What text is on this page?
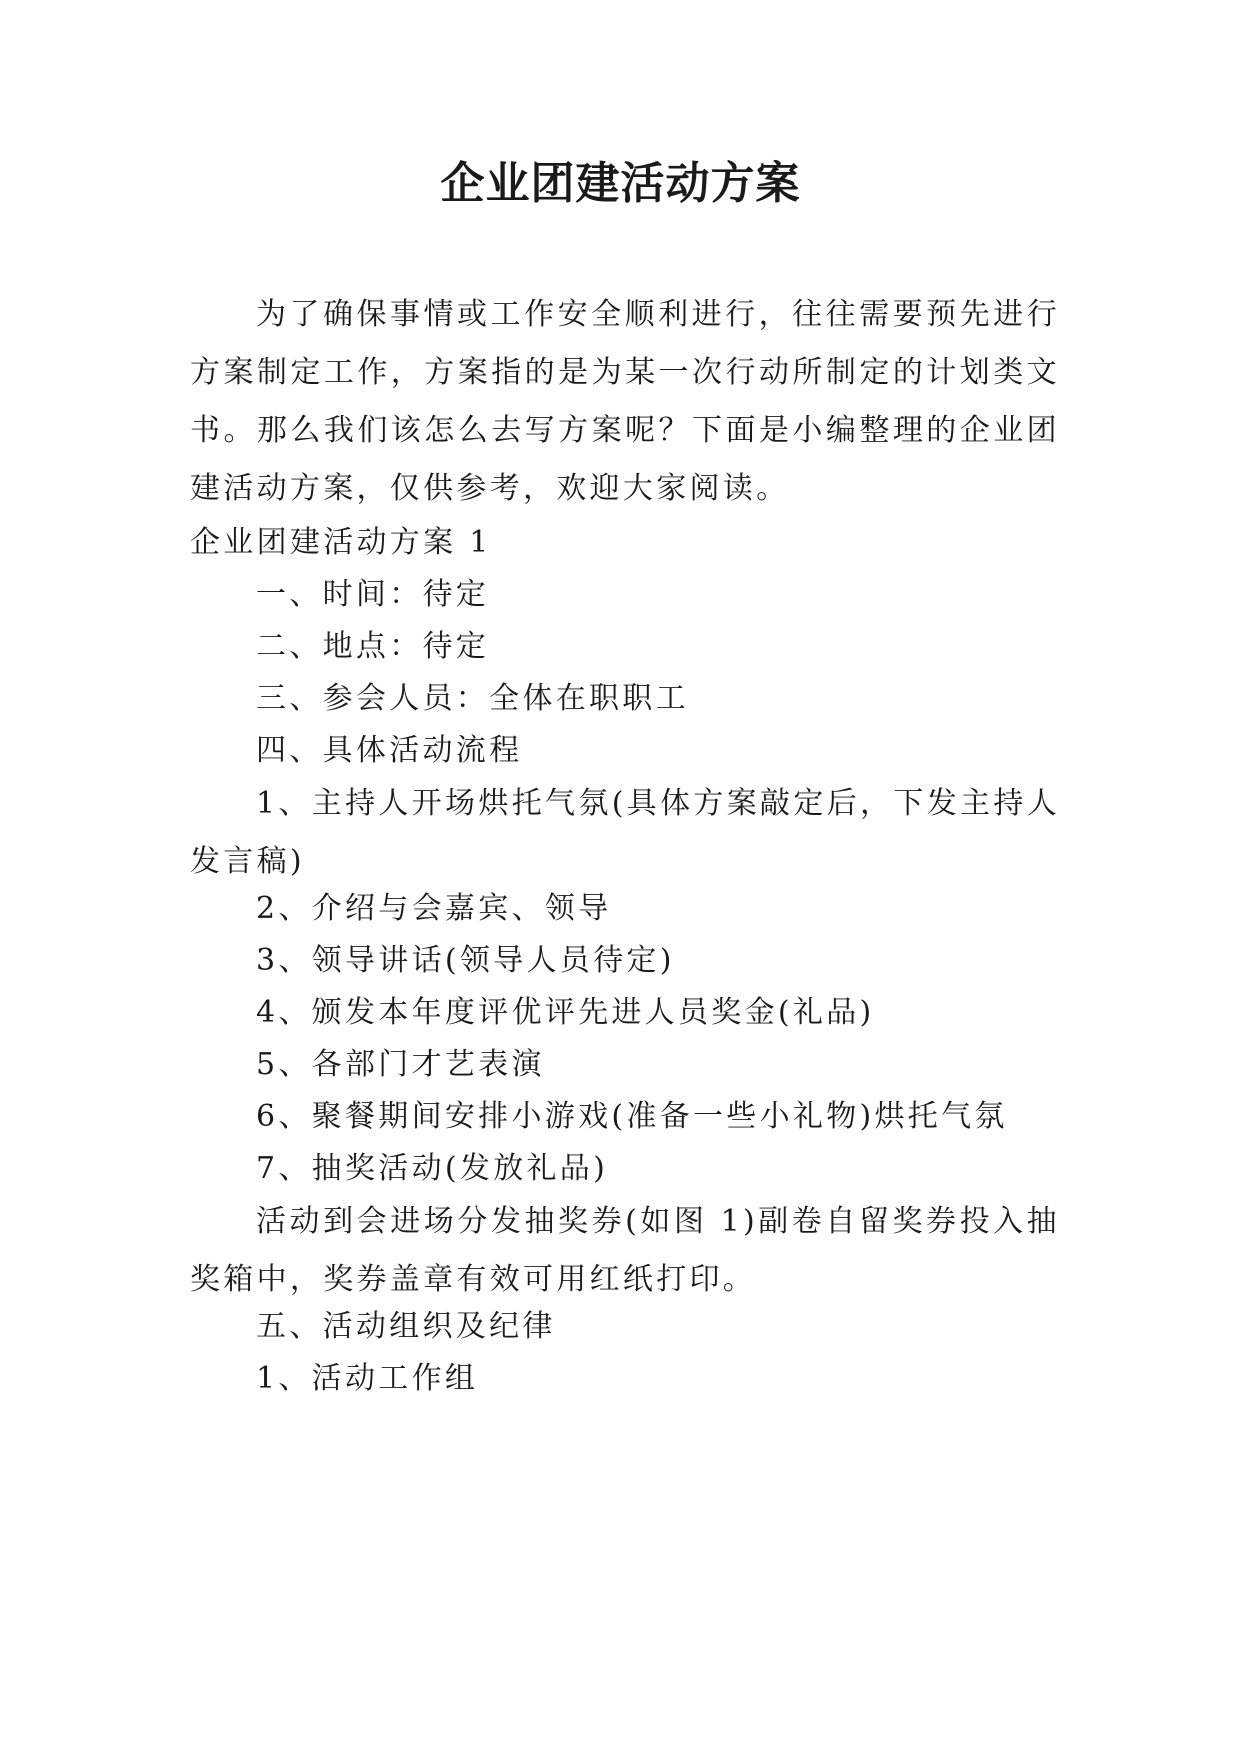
企业团建活动方案

为了确保事情或工作安全顺利进行，往往需要预先进行方案制定工作，方案指的是为某一次行动所制定的计划类文书。那么我们该怎么去写方案呢？下面是小编整理的企业团建活动方案，仅供参考，欢迎大家阅读。

企业团建活动方案 1

一、时间：待定

二、地点：待定

三、参会人员：全体在职职工

四、具体活动流程

1、主持人开场烘托气氛(具体方案敲定后，下发主持人发言稿)

2、介绍与会嘉宾、领导

3、领导讲话(领导人员待定)

4、颁发本年度评优评先进人员奖金(礼品)

5、各部门才艺表演

6、聚餐期间安排小游戏(准备一些小礼物)烘托气氛

7、抽奖活动(发放礼品)

活动到会进场分发抽奖券(如图 1)副卷自留奖券投入抽奖箱中，奖券盖章有效可用红纸打印。

五、活动组织及纪律

1、活动工作组
